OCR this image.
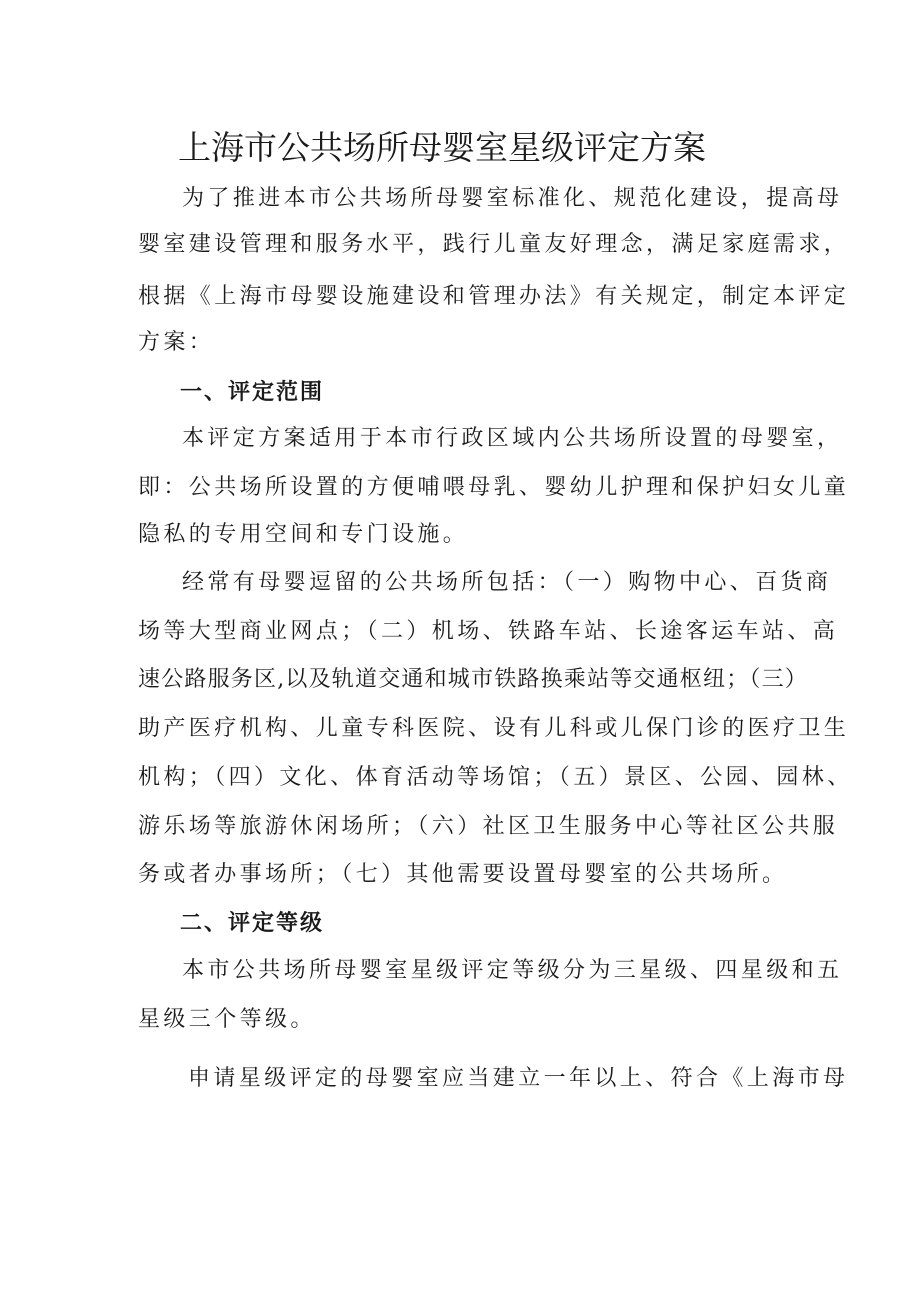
上海市公共场所母婴室星级评定方案

为了推进本市公共场所母婴室标准化、规范化建设，提高母

婴室建设管理和服务水平，践行儿童友好理念，满足家庭需求，

根据《上海市母婴设施建设和管理办法》有关规定，制定本评定

方案：

一、评定范围

本评定方案适用于本市行政区域内公共场所设置的母婴室，

即：公共场所设置的方便哺喂母乳、婴幼儿护理和保护妇女儿童

隐私的专用空间和专门设施。

经常有母婴逗留的公共场所包括：（一）购物中心、百货商

场等大型商业网点；（二）机场、铁路车站、长途客运车站、高

速公路服务区,以及轨道交通和城市铁路换乘站等交通枢纽；（三）

助产医疗机构、儿童专科医院、设有儿科或儿保门诊的医疗卫生

机构；（四）文化、体育活动等场馆；（五）景区、公园、园林、

游乐场等旅游休闲场所；（六）社区卫生服务中心等社区公共服

务或者办事场所；（七）其他需要设置母婴室的公共场所。

二、评定等级

本市公共场所母婴室星级评定等级分为三星级、四星级和五

星级三个等级。

申请星级评定的母婴室应当建立一年以上、符合《上海市母
